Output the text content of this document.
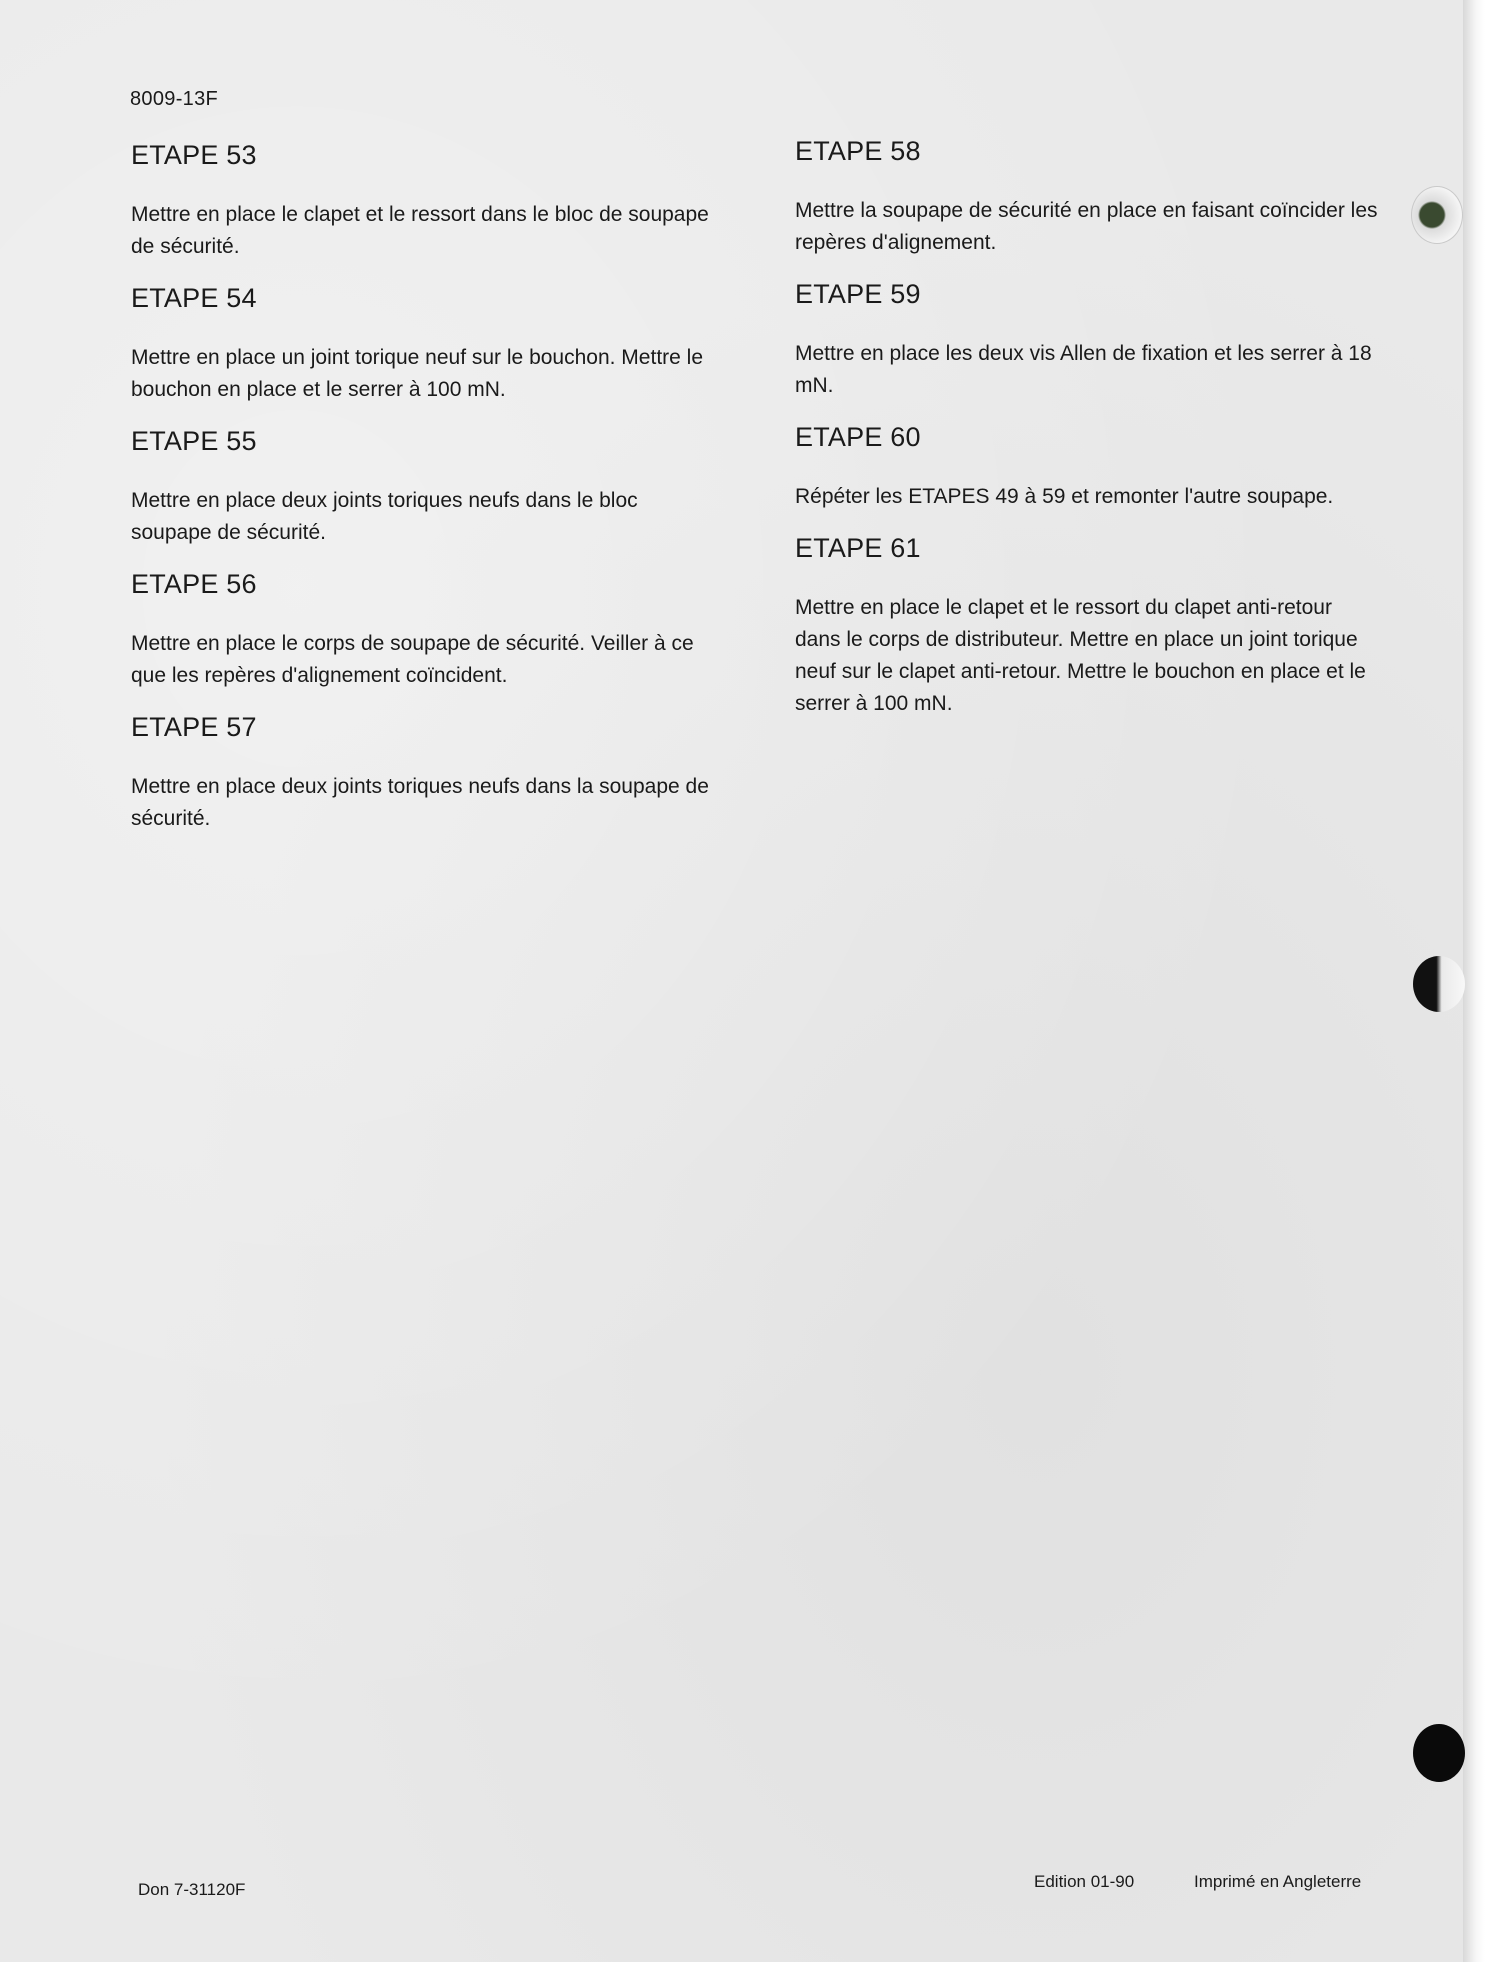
8009-13F
ETAPE 53

Mettre en place le clapet et le ressort dans le bloc de soupape de sécurité.

ETAPE 54

Mettre en place un joint torique neuf sur le bouchon. Mettre le bouchon en place et le serrer à 100 mN.

ETAPE 55

Mettre en place deux joints toriques neufs dans le bloc soupape de sécurité.

ETAPE 56

Mettre en place le corps de soupape de sécurité. Veiller à ce que les repères d'alignement coïncident.

ETAPE 57

Mettre en place deux joints toriques neufs dans la soupape de sécurité.

ETAPE 58

Mettre la soupape de sécurité en place en faisant coïncider les repères d'alignement.

ETAPE 59

Mettre en place les deux vis Allen de fixation et les serrer à 18 mN.

ETAPE 60

Répéter les ETAPES 49 à 59 et remonter l'autre soupape.

ETAPE 61

Mettre en place le clapet et le ressort du clapet anti-retour dans le corps de distributeur. Mettre en place un joint torique neuf sur le clapet anti-retour. Mettre le bouchon en place et le serrer à 100 mN.

Don 7-31120F	Edition 01-90	Imprimé en Angleterre
